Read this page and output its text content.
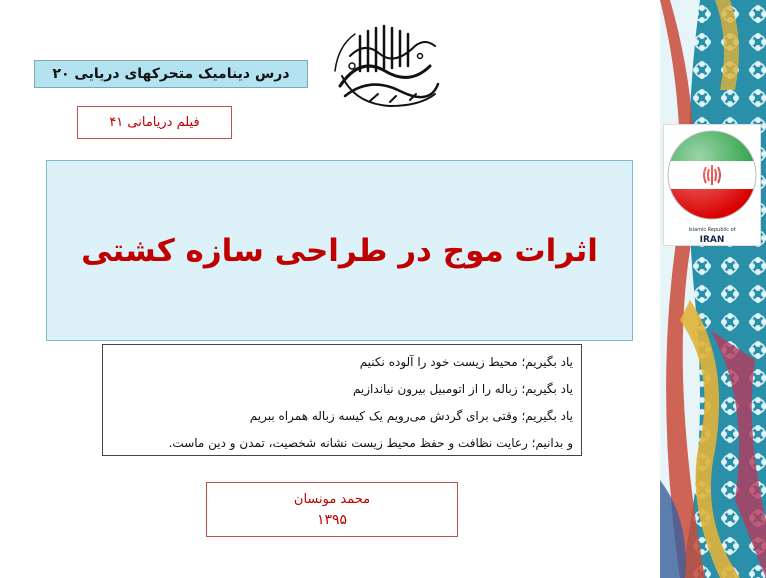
درس دینامیک متحرکهای دریایی ۲۰
فیلم دریامانی ۴۱
اثرات موج در طراحی سازه کشتی
یاد بگیریم؛ محیط زیست خود را آلوده نکنیم
یاد بگیریم؛ زباله را از اتومبیل بیرون نیاندازیم
یاد بگیریم؛ وقتی برای گردش می‌رویم یک کیسه زباله همراه ببریم
و بدانیم؛ رعایت نظافت و حفظ محیط زیست نشانه شخصیت، تمدن و دین ماست.
محمد مونسان
۱۳۹۵
Islamic Republic of
IRAN
